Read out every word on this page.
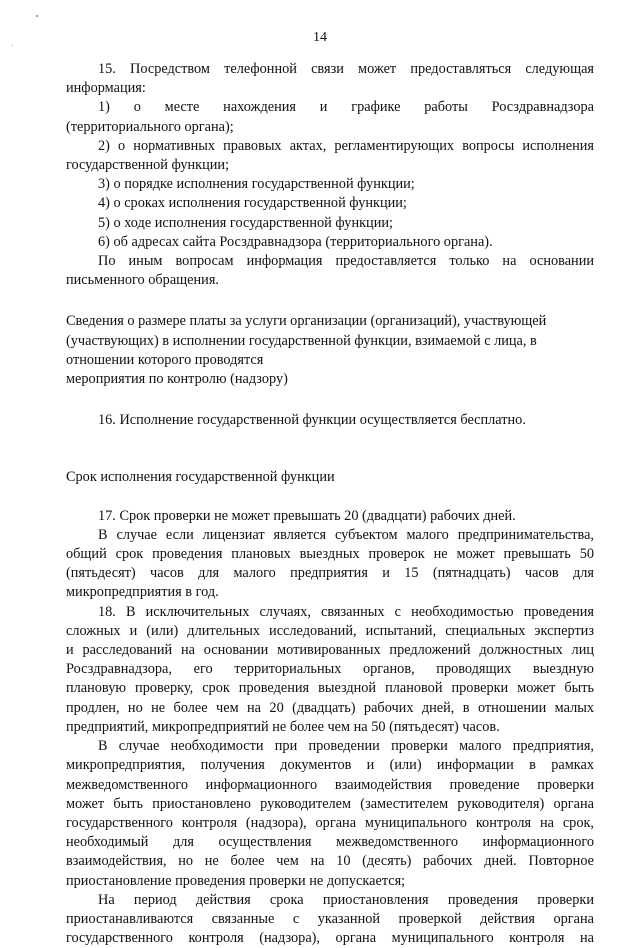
14

15. Посредством телефонной связи может предоставляться следующая

информация:

1) о месте нахождения и графике работы Росздравнадзора

(территориального органа);

2) о нормативных правовых актах, регламентирующих вопросы исполнения

государственной функции;

3) о порядке исполнения государственной функции;

4) о сроках исполнения государственной функции;

5) о ходе исполнения государственной функции;

6) об адресах сайта Росздравнадзора (территориального органа).

По иным вопросам информация предоставляется только на основании

письменного обращения.

Сведения о размере платы за услуги организации (организаций), участвующей

(участвующих) в исполнении государственной функции, взимаемой с лица, в

отношении которого проводятся

мероприятия по контролю (надзору)

16. Исполнение государственной функции осуществляется бесплатно.

Срок исполнения государственной функции

17. Срок проверки не может превышать 20 (двадцати) рабочих дней.

В случае если лицензиат является субъектом малого предпринимательства,

общий срок проведения плановых выездных проверок не может превышать 50

(пятьдесят) часов для малого предприятия и 15 (пятнадцать) часов для

микропредприятия в год.

18. В исключительных случаях, связанных с необходимостью проведения

сложных и (или) длительных исследований, испытаний, специальных экспертиз

и расследований на основании мотивированных предложений должностных лиц

Росздравнадзора, его территориальных органов, проводящих выездную

плановую проверку, срок проведения выездной плановой проверки может быть

продлен, но не более чем на 20 (двадцать) рабочих дней, в отношении малых

предприятий, микропредприятий не более чем на 50 (пятьдесят) часов.

В случае необходимости при проведении проверки малого предприятия,

микропредприятия, получения документов и (или) информации в рамках

межведомственного информационного взаимодействия проведение проверки

может быть приостановлено руководителем (заместителем руководителя) органа

государственного контроля (надзора), органа муниципального контроля на срок,

необходимый для осуществления межведомственного информационного

взаимодействия, но не более чем на 10 (десять) рабочих дней. Повторное

приостановление проведения проверки не допускается;

На период действия срока приостановления проведения проверки

приостанавливаются связанные с указанной проверкой действия органа

государственного контроля (надзора), органа муниципального контроля на
